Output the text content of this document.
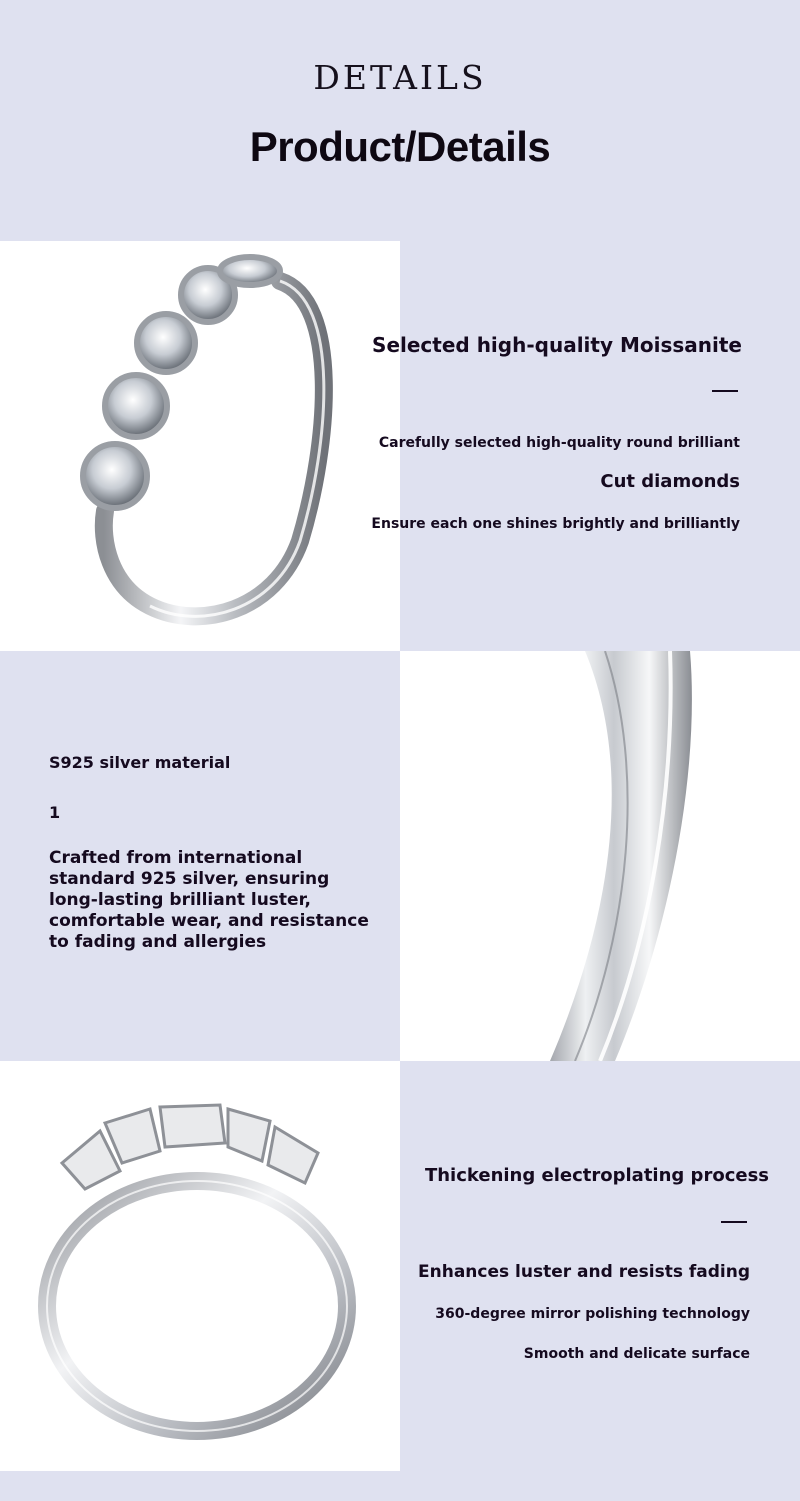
DETAILS
Product/Details
Selected high-quality Moissanite
Carefully selected high-quality round brilliant
Cut diamonds
Ensure each one shines brightly and brilliantly
S925 silver material
1
Crafted from international standard 925 silver, ensuring long-lasting brilliant luster, comfortable wear, and resistance to fading and allergies
Thickening electroplating process
Enhances luster and resists fading
360-degree mirror polishing technology
Smooth and delicate surface
